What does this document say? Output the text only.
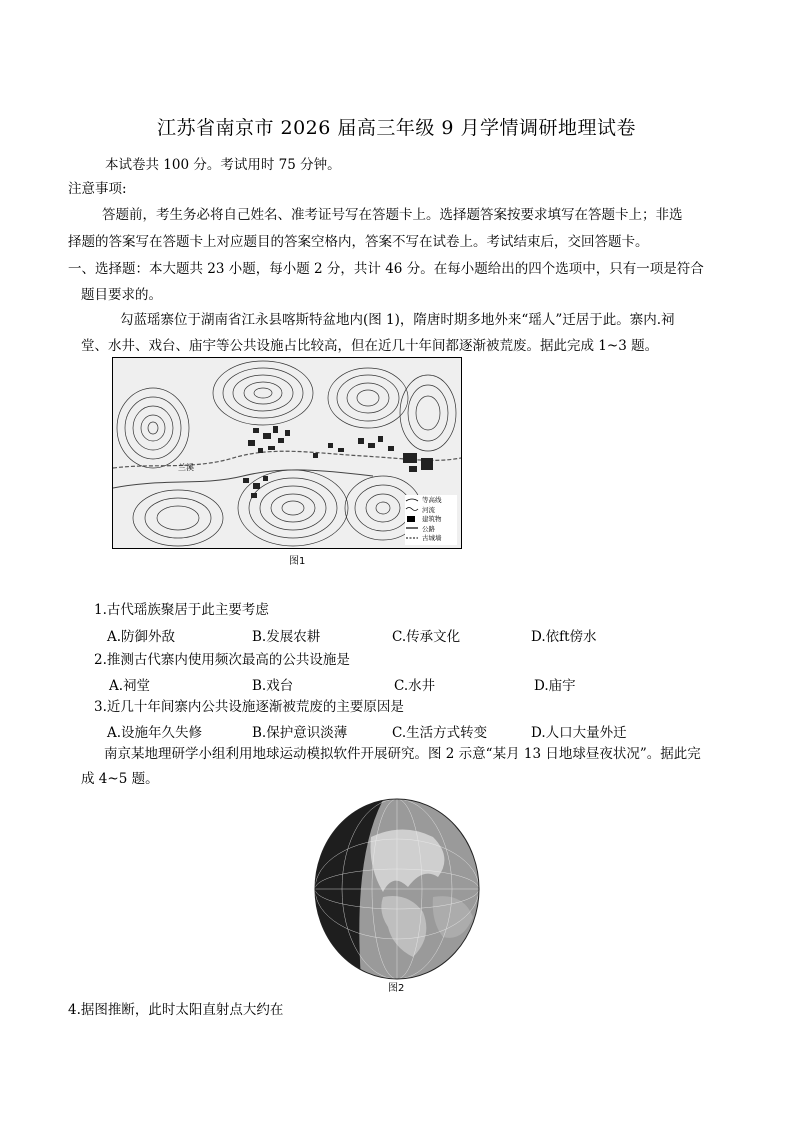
江苏省南京市 2026 届高三年级 9 月学情调研地理试卷
本试卷共 100 分。考试用时 75 分钟。
注意事项:
答题前，考生务必将自己姓名、准考证号写在答题卡上。选择题答案按要求填写在答题卡上；非选
择题的答案写在答题卡上对应题目的答案空格内，答案不写在试卷上。考试结束后，交回答题卡。
一、选择题：本大题共 23 小题，每小题 2 分，共计 46 分。在每小题给出的四个选项中，只有一项是符合
题目要求的。
勾蓝瑶寨位于湖南省江永县喀斯特盆地内(图 1)，隋唐时期多地外来“瑶人”迁居于此。寨内.祠
堂、水井、戏台、庙宇等公共设施占比较高，但在近几十年间都逐渐被荒废。据此完成 1~3 题。
兰溪
等高线
河流
建筑物
公路
古城墙
图1
1.古代瑶族聚居于此主要考虑
A.防御外敌	B.发展农耕	C.传承文化	D.依ft傍水
2.推测古代寨内使用频次最高的公共设施是
A.祠堂	B.戏台	C.水井	D.庙宇
3.近几十年间寨内公共设施逐渐被荒废的主要原因是
A.设施年久失修	B.保护意识淡薄	C.生活方式转变	D.人口大量外迁
南京某地理研学小组利用地球运动模拟软件开展研究。图 2 示意“某月 13 日地球昼夜状况”。据此完
成 4~5 题。
图2
4.据图推断，此时太阳直射点大约在
